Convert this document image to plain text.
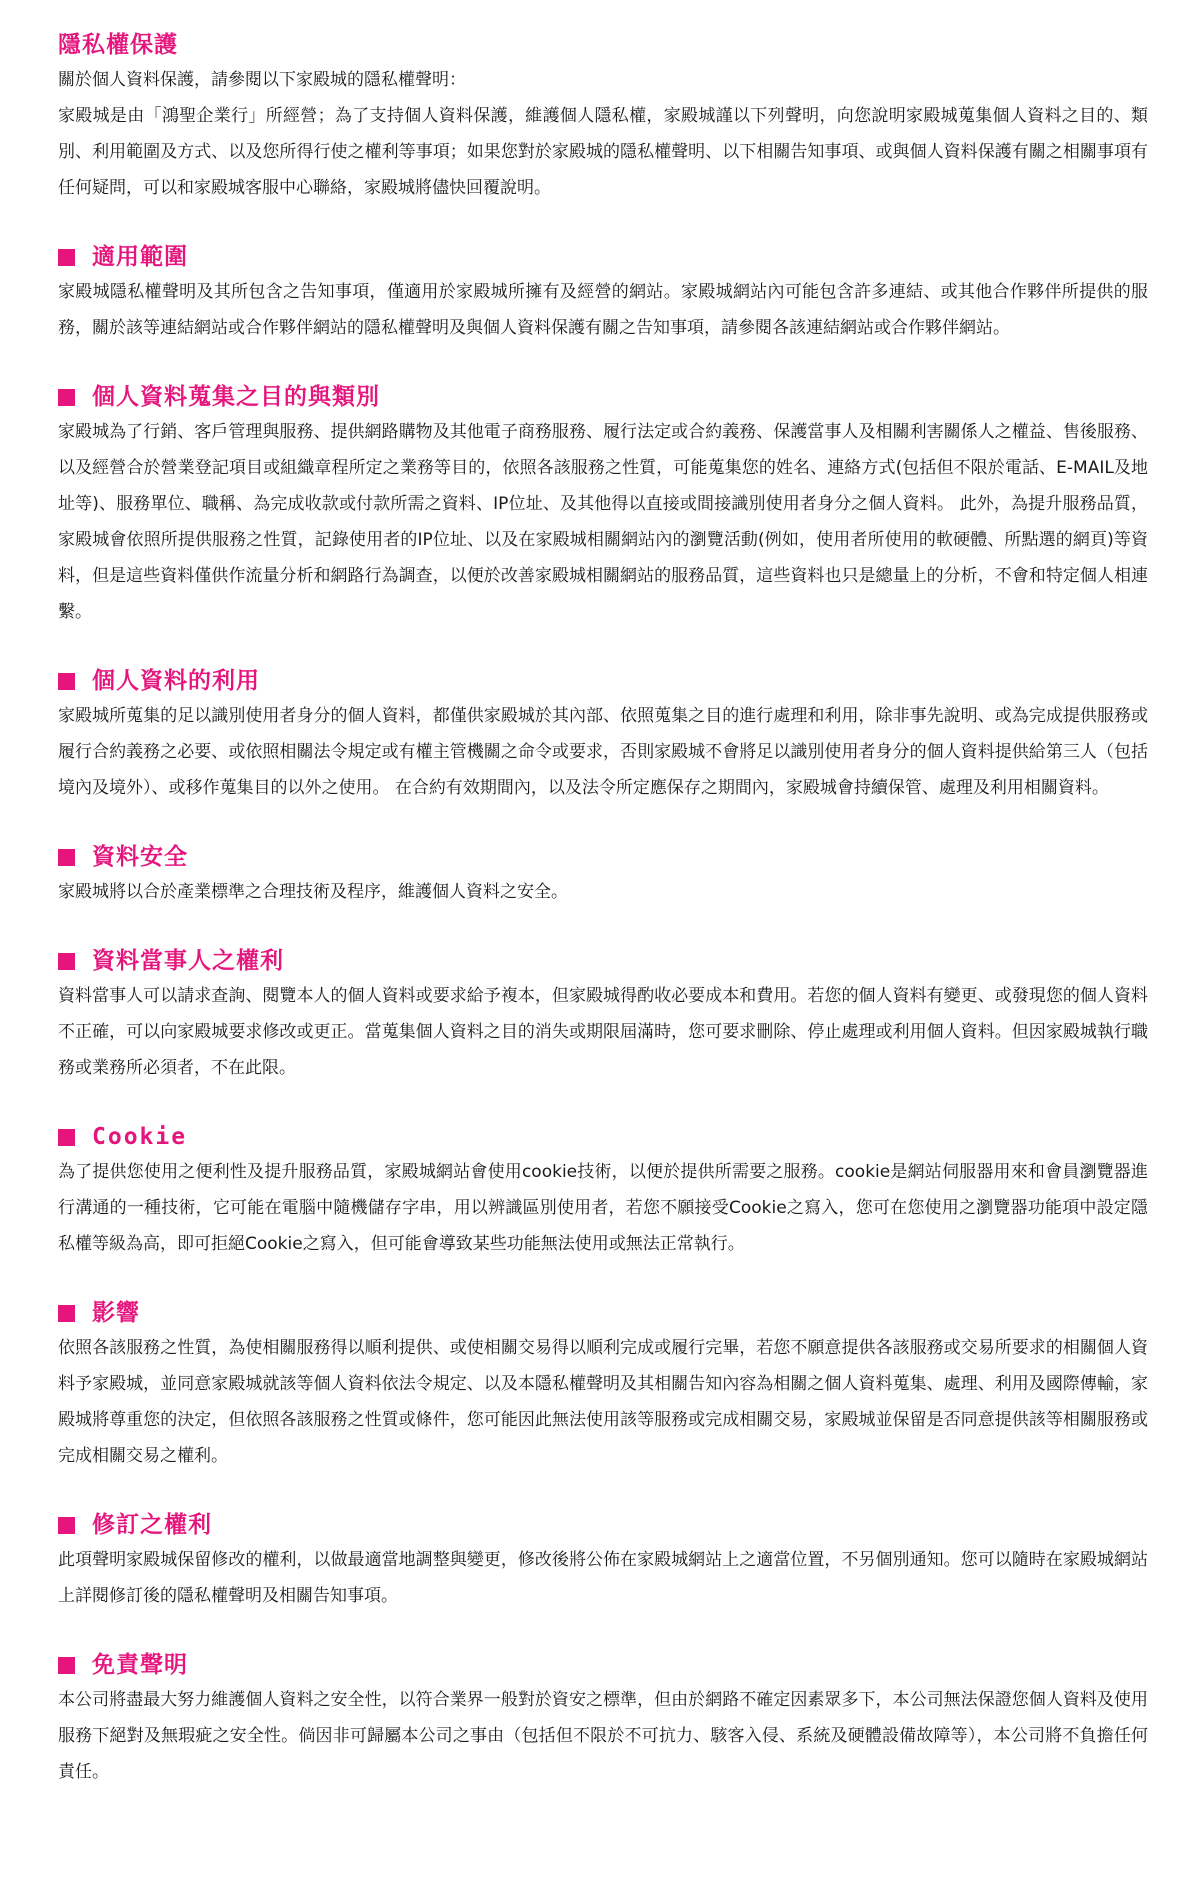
隱私權保護

關於個人資料保護，請參閱以下家殿城的隱私權聲明：

家殿城是由「鴻聖企業行」所經營；為了支持個人資料保護，維護個人隱私權，家殿城謹以下列聲明，向您說明家殿城蒐集個人資料之目的、類別、利用範圍及方式、以及您所得行使之權利等事項；如果您對於家殿城的隱私權聲明、以下相關告知事項、或與個人資料保護有關之相關事項有任何疑問，可以和家殿城客服中心聯絡，家殿城將儘快回覆說明。

適用範圍

家殿城隱私權聲明及其所包含之告知事項，僅適用於家殿城所擁有及經營的網站。家殿城網站內可能包含許多連結、或其他合作夥伴所提供的服務，關於該等連結網站或合作夥伴網站的隱私權聲明及與個人資料保護有關之告知事項，請參閱各該連結網站或合作夥伴網站。

個人資料蒐集之目的與類別

家殿城為了行銷、客戶管理與服務、提供網路購物及其他電子商務服務、履行法定或合約義務、保護當事人及相關利害關係人之權益、售後服務、以及經營合於營業登記項目或組織章程所定之業務等目的，依照各該服務之性質，可能蒐集您的姓名、連絡方式(包括但不限於電話、E-MAIL及地址等)、服務單位、職稱、為完成收款或付款所需之資料、IP位址、及其他得以直接或間接識別使用者身分之個人資料。 此外，為提升服務品質，家殿城會依照所提供服務之性質，記錄使用者的IP位址、以及在家殿城相關網站內的瀏覽活動(例如，使用者所使用的軟硬體、所點選的網頁)等資料，但是這些資料僅供作流量分析和網路行為調查，以便於改善家殿城相關網站的服務品質，這些資料也只是總量上的分析，不會和特定個人相連繫。

個人資料的利用

家殿城所蒐集的足以識別使用者身分的個人資料，都僅供家殿城於其內部、依照蒐集之目的進行處理和利用，除非事先說明、或為完成提供服務或履行合約義務之必要、或依照相關法令規定或有權主管機關之命令或要求，否則家殿城不會將足以識別使用者身分的個人資料提供給第三人（包括境內及境外）、或移作蒐集目的以外之使用。 在合約有效期間內，以及法令所定應保存之期間內，家殿城會持續保管、處理及利用相關資料。

資料安全

家殿城將以合於產業標準之合理技術及程序，維護個人資料之安全。

資料當事人之權利

資料當事人可以請求查詢、閱覽本人的個人資料或要求給予複本，但家殿城得酌收必要成本和費用。若您的個人資料有變更、或發現您的個人資料不正確，可以向家殿城要求修改或更正。當蒐集個人資料之目的消失或期限屆滿時，您可要求刪除、停止處理或利用個人資料。但因家殿城執行職務或業務所必須者，不在此限。

Cookie

為了提供您使用之便利性及提升服務品質，家殿城網站會使用cookie技術，以便於提供所需要之服務。cookie是網站伺服器用來和會員瀏覽器進行溝通的一種技術，它可能在電腦中隨機儲存字串，用以辨識區別使用者，若您不願接受Cookie之寫入，您可在您使用之瀏覽器功能項中設定隱私權等級為高，即可拒絕Cookie之寫入，但可能會導致某些功能無法使用或無法正常執行。

影響

依照各該服務之性質，為使相關服務得以順利提供、或使相關交易得以順利完成或履行完畢，若您不願意提供各該服務或交易所要求的相關個人資料予家殿城，並同意家殿城就該等個人資料依法令規定、以及本隱私權聲明及其相關告知內容為相關之個人資料蒐集、處理、利用及國際傳輸，家殿城將尊重您的決定，但依照各該服務之性質或條件，您可能因此無法使用該等服務或完成相關交易，家殿城並保留是否同意提供該等相關服務或完成相關交易之權利。

修訂之權利

此項聲明家殿城保留修改的權利，以做最適當地調整與變更，修改後將公佈在家殿城網站上之適當位置，不另個別通知。您可以隨時在家殿城網站上詳閱修訂後的隱私權聲明及相關告知事項。

免責聲明

本公司將盡最大努力維護個人資料之安全性，以符合業界一般對於資安之標準，但由於網路不確定因素眾多下，本公司無法保證您個人資料及使用服務下絕對及無瑕疵之安全性。倘因非可歸屬本公司之事由（包括但不限於不可抗力、駭客入侵、系統及硬體設備故障等），本公司將不負擔任何責任。
